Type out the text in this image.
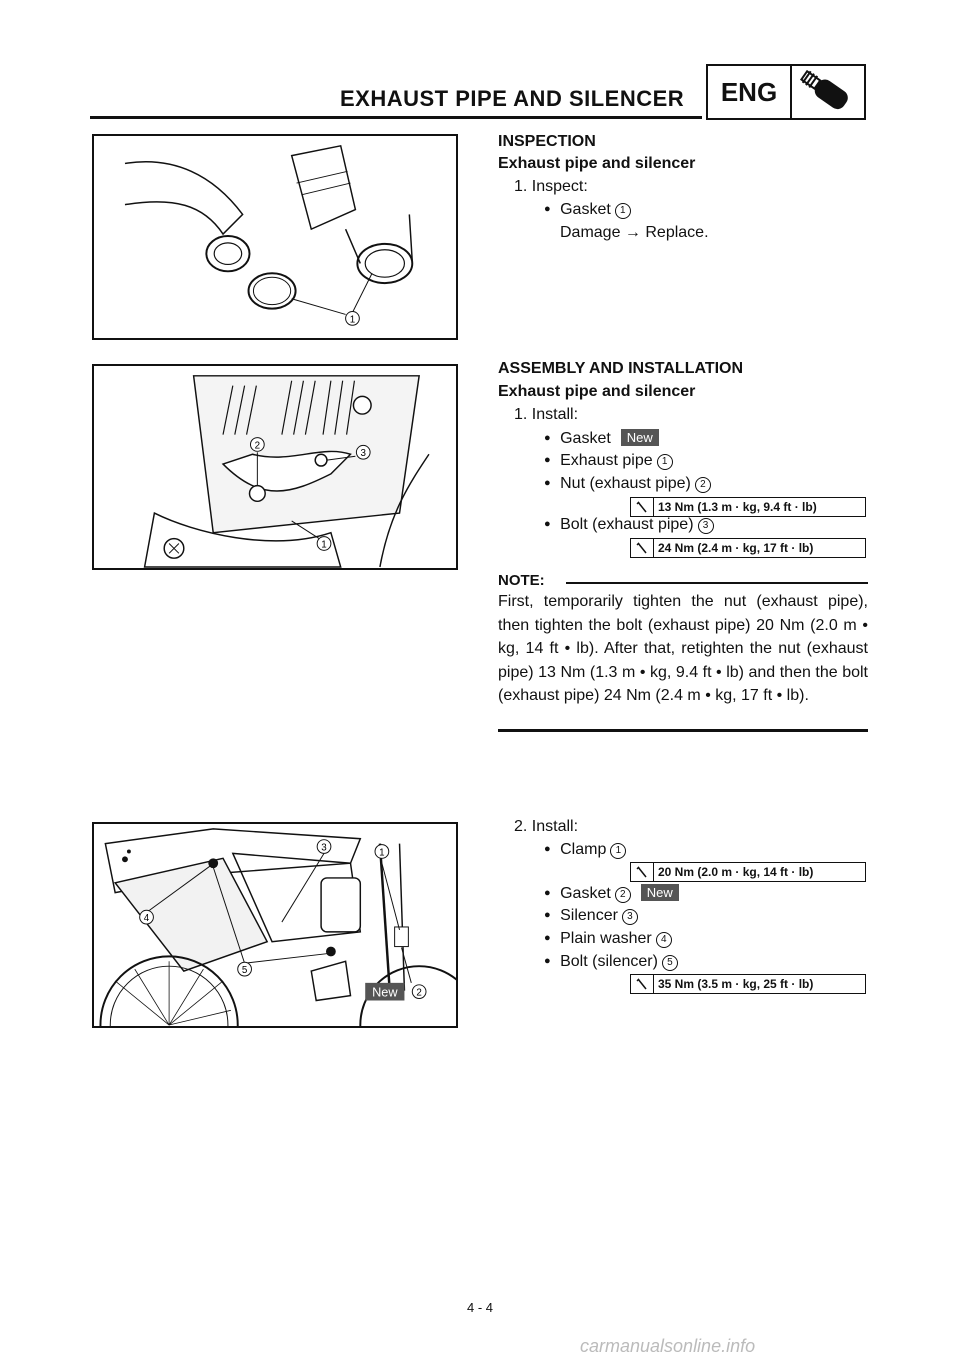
EXHAUST PIPE AND SILENCER	ENG
1
INSPECTION
Exhaust pipe and silencer
1. Inspect:
● Gasket 1
Damage → Replace.
2
3
1
ASSEMBLY AND INSTALLATION
Exhaust pipe and silencer
1. Install:
● Gasket New
● Exhaust pipe 1
● Nut (exhaust pipe) 2
13 Nm (1.3 m · kg, 9.4 ft · lb)
● Bolt (exhaust pipe) 3
24 Nm (2.4 m · kg, 17 ft · lb)
NOTE:
First, temporarily tighten the nut (exhaust pipe), then tighten the bolt (exhaust pipe) 20 Nm (2.0 m • kg, 14 ft • lb). After that, retighten the nut (exhaust pipe) 13 Nm (1.3 m • kg, 9.4 ft • lb) and then the bolt (exhaust pipe) 24 Nm (2.4 m • kg, 17 ft • lb).
3	1
4
5
New 2
2. Install:
● Clamp 1
20 Nm (2.0 m · kg, 14 ft · lb)
● Gasket 2 New
● Silencer 3
● Plain washer 4
● Bolt (silencer) 5
35 Nm (3.5 m · kg, 25 ft · lb)
4 - 4
carmanualsonline.info
